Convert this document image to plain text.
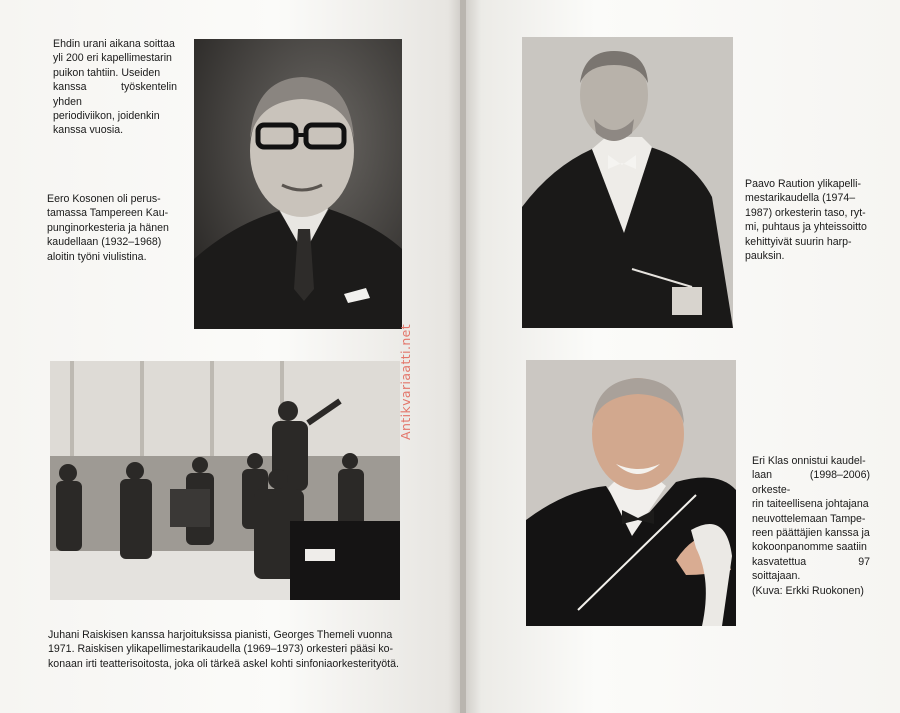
Ehdin urani aikana soittaa
yli 200 eri kapellimestarin
puikon tahtiin. Useiden
kanssa työskentelin yhden
periodiviikon, joidenkin
kanssa vuosia.

Eero Kosonen oli perus-
tamassa Tampereen Kau-
punginorkesteria ja hänen
kaudellaan (1932–1968)
aloitin työni viulistina.

Juhani Raiskisen kanssa harjoituksissa pianisti, Georges Themeli vuonna
1971. Raiskisen ylikapellimestarikaudella (1969–1973) orkesteri pääsi ko-
konaan irti teatterisoitosta, joka oli tärkeä askel kohti sinfoniaorkesterityötä.

Antikvariaatti.net

Paavo Raution ylikapelli-
mestarikaudella (1974–
1987) orkesterin taso, ryt-
mi, puhtaus ja yhteissoitto
kehittyivät suurin harp-
pauksin.

Eri Klas onnistui kaudel-
laan (1998–2006) orkeste-
rin taiteellisena johtajana
neuvottelemaan Tampe-
reen päättäjien kanssa ja
kokoonpanomme saatiin
kasvatettua 97 soittajaan.
(Kuva: Erkki Ruokonen)
